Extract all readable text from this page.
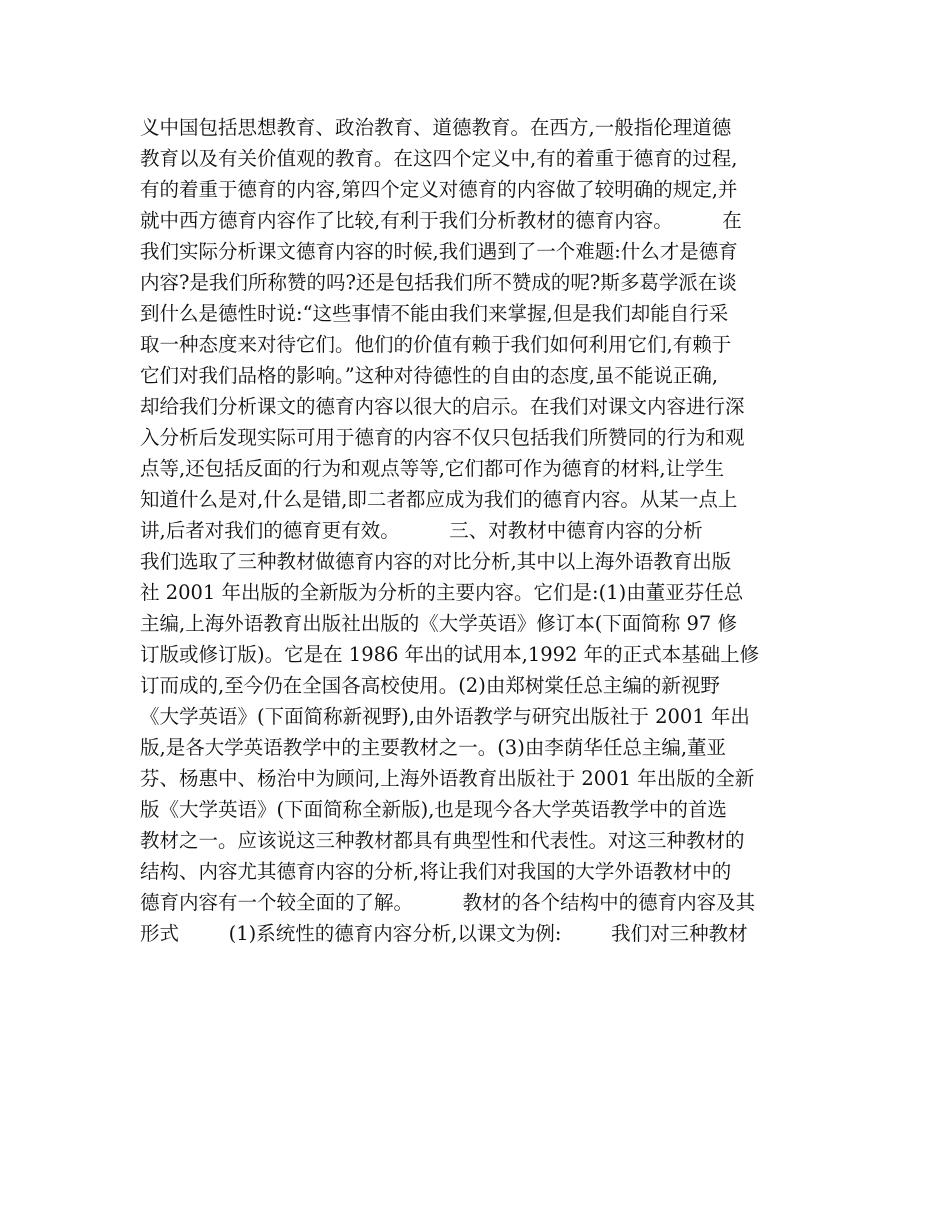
义中国包括思想教育、政治教育、道德教育。在西方,一般指伦理道德
教育以及有关价值观的教育。在这四个定义中,有的着重于德育的过程,
有的着重于德育的内容,第四个定义对德育的内容做了较明确的规定,并
就中西方德育内容作了比较,有利于我们分析教材的德育内容。        在
我们实际分析课文德育内容的时候,我们遇到了一个难题:什么才是德育
内容?是我们所称赞的吗?还是包括我们所不赞成的呢?斯多葛学派在谈
到什么是德性时说:“这些事情不能由我们来掌握,但是我们却能自行采
取一种态度来对待它们。他们的价值有赖于我们如何利用它们,有赖于
它们对我们品格的影响。”这种对待德性的自由的态度,虽不能说正确,
却给我们分析课文的德育内容以很大的启示。在我们对课文内容进行深
入分析后发现实际可用于德育的内容不仅只包括我们所赞同的行为和观
点等,还包括反面的行为和观点等等,它们都可作为德育的材料,让学生
知道什么是对,什么是错,即二者都应成为我们的德育内容。从某一点上
讲,后者对我们的德育更有效。        三、对教材中德育内容的分析
我们选取了三种教材做德育内容的对比分析,其中以上海外语教育出版
社 2001 年出版的全新版为分析的主要内容。它们是:(1)由董亚芬任总
主编,上海外语教育出版社出版的《大学英语》修订本(下面简称 97 修
订版或修订版)。它是在 1986 年出的试用本,1992 年的正式本基础上修
订而成的,至今仍在全国各高校使用。(2)由郑树棠任总主编的新视野
《大学英语》(下面简称新视野),由外语教学与研究出版社于 2001 年出
版,是各大学英语教学中的主要教材之一。(3)由李荫华任总主编,董亚
芬、杨惠中、杨治中为顾问,上海外语教育出版社于 2001 年出版的全新
版《大学英语》(下面简称全新版),也是现今各大学英语教学中的首选
教材之一。应该说这三种教材都具有典型性和代表性。对这三种教材的
结构、内容尤其德育内容的分析,将让我们对我国的大学外语教材中的
德育内容有一个较全面的了解。        教材的各个结构中的德育内容及其
形式        (1)系统性的德育内容分析,以课文为例:        我们对三种教材
